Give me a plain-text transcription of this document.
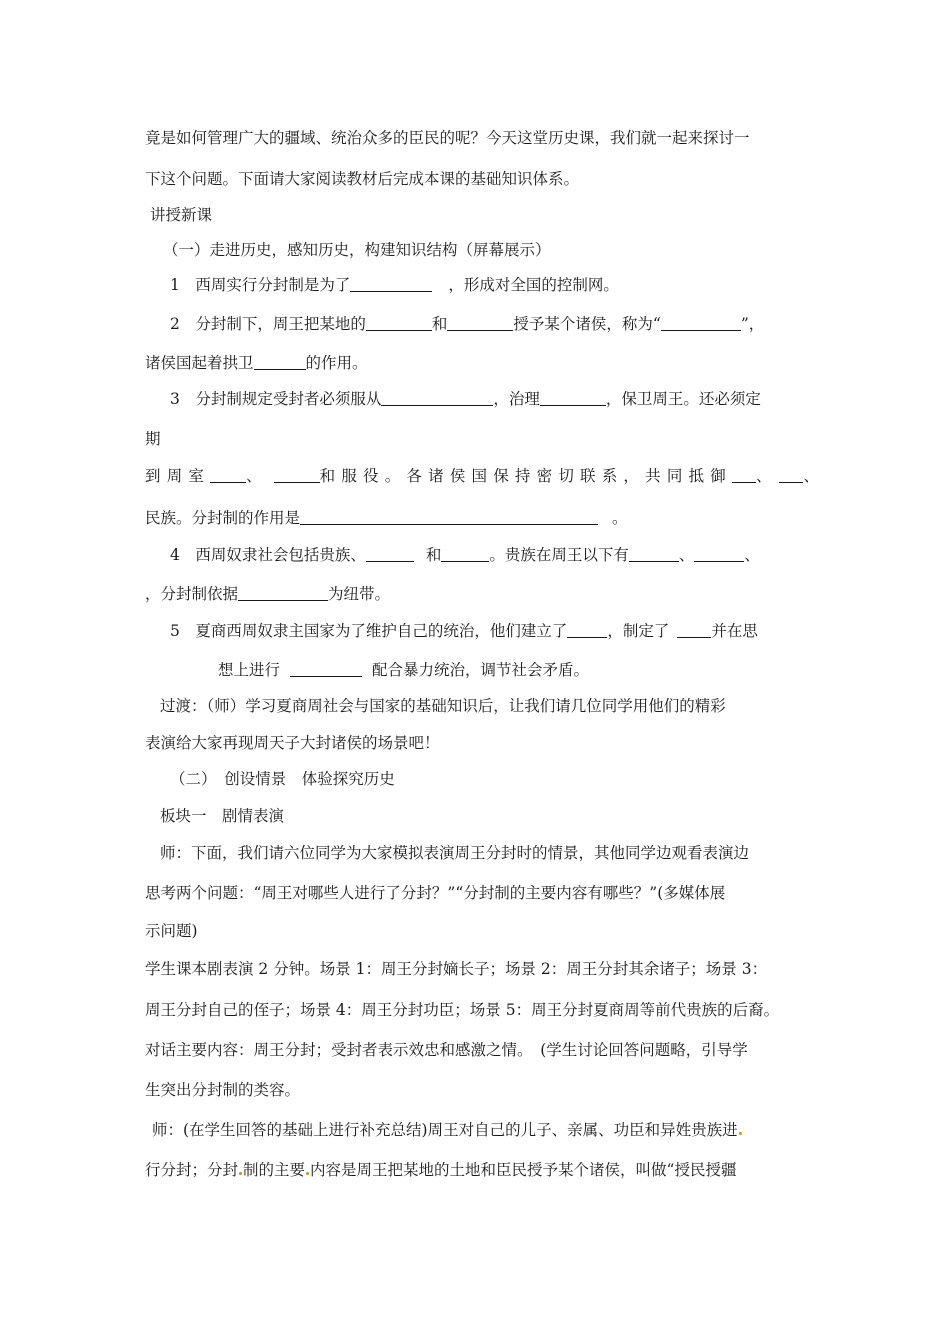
竟是如何管理广大的疆域、统治众多的臣民的呢？今天这堂历史课，我们就一起来探讨一
下这个问题。下面请大家阅读教材后完成本课的基础知识体系。
讲授新课
（一）走进历史，感知历史，构建知识结构（屏幕展示）
1　西周实行分封制是为了	，形成对全国的控制网。
2　分封制下，周王把某地的	和	授予某个诸侯，称为“	”，
诸侯国起着拱卫	的作用。
3　分封制规定受封者必须服从	，治理	，保卫周王。还必须定
期
到周室 、	和服役。各诸侯国保持密切联系，共同抵御 、 、
民族。分封制的作用是	。
4　西周奴隶社会包括贵族、	和	。贵族在周王以下有	、	、
，分封制依据	为纽带。
5　夏商西周奴隶主国家为了维护自己的统治，他们建立了	，制定了	并在思
想上进行	配合暴力统治，调节社会矛盾。
过渡：（师）学习夏商周社会与国家的基础知识后，让我们请几位同学用他们的精彩
表演给大家再现周天子大封诸侯的场景吧！
（二）　创设情景　体验探究历史
板块一　剧情表演
师：下面，我们请六位同学为大家模拟表演周王分封时的情景，其他同学边观看表演边
思考两个问题：“周王对哪些人进行了分封？”“分封制的主要内容有哪些？”(多媒体展
示问题)
学生课本剧表演 2 分钟。场景 1：周王分封嫡长子；场景 2：周王分封其余诸子；场景 3：
周王分封自己的侄子；场景 4：周王分封功臣；场景 5：周王分封夏商周等前代贵族的后裔。
对话主要内容：周王分封；受封者表示效忠和感激之情。　(学生讨论回答问题略，引导学
生突出分封制的类容。
师：(在学生回答的基础上进行补充总结)周王对自己的儿子、亲属、功臣和异姓贵族进
行分封；分封 制的主要 内容是周王把某地的土地和臣民授予某个诸侯，叫做“授民授疆
